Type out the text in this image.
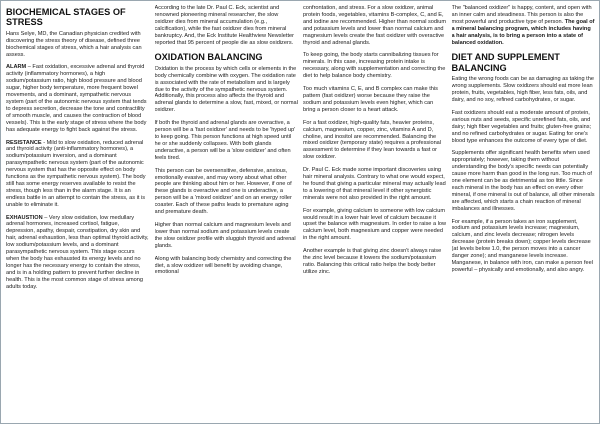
BIOCHEMICAL STAGES OF STRESS

Hans Selye, MD, the Canadian physician credited with discovering the stress theory of disease, defined three biochemical stages of stress, which a hair analysis can assess.

ALARM – Fast oxidation, excessive adrenal and thyroid activity (inflammatory hormones), a high sodium/potassium ratio, high blood pressure and blood sugar, higher body temperature, more frequent bowel movements, and a dominant, sympathetic nervous system (part of the autonomic nervous system that tends to depress secretion, decrease the tone and contractility of smooth muscle, and causes the contraction of blood vessels). This is the early stage of stress where the body has adequate energy to fight back against the stress.

RESISTANCE - Mild to slow oxidation, reduced adrenal and thyroid activity (anti-inflammatory hormones), a sodium/potassium inversion, and a dominant parasympathetic nervous system (part of the autonomic nervous system that has the opposite effect on body functions as the sympathetic nervous system). The body still has some energy reserves available to resist the stress, though less than in the alarm stage. It is an endless battle in an attempt to contain the stress, as it is unable to eliminate it.

EXHAUSTION – Very slow oxidation, low medullary adrenal hormones, increased cortisol, fatigue, depression, apathy, despair, constipation, dry skin and hair, adrenal exhaustion, less than optimal thyroid activity, low sodium/potassium levels, and a dominant parasympathetic nervous system. This stage occurs when the body has exhausted its energy levels and no longer has the necessary energy to contain the stress, and is in a holding pattern to prevent further decline in health. This is the most common stage of stress among adults today.

According to the late Dr. Paul C. Eck, scientist and renowned pioneering mineral researcher, the slow oxidizer dies from mineral accumulation (e.g., calcification), while the fast oxidizer dies from mineral bankruptcy. And, the Eck Institute Healthview Newsletter reported that 95 percent of people die as slow oxidizers.

OXIDATION BALANCING

Oxidation is the process by which cells or elements in the body chemically combine with oxygen. The oxidation rate is associated with the rate of metabolism and is largely due to the activity of the sympathetic nervous system. Additionally, this process also affects the thyroid and adrenal glands to determine a slow, fast, mixed, or normal oxidizer.

If both the thyroid and adrenal glands are overactive, a person will be a 'fast oxidizer' and needs to be 'hyped up' to keep going. This person functions at high speed until he or she suddenly collapses. With both glands underactive, a person will be a 'slow oxidizer' and often feels tired.

This person can be oversensitive, defensive, anxious, emotionally evasive, and may worry about what other people are thinking about him or her. However, if one of these glands is overactive and one is underactive, a person will be a 'mixed oxidizer' and on an energy roller coaster. Each of these paths leads to premature aging and premature death.

Higher than normal calcium and magnesium levels and lower than normal sodium and potassium levels create the slow oxidizer profile with sluggish thyroid and adrenal glands.

Along with balancing body chemistry and correcting the diet, a slow oxidizer will benefit by avoiding change, emotional

confrontation, and stress. For a slow oxidizer, animal protein foods, vegetables, vitamins B-complex, C, and E, and iodine are recommended. Higher than normal sodium and potassium levels and lower than normal calcium and magnesium levels create the fast oxidizer with overactive thyroid and adrenal glands.

To keep going, the body starts cannibalizing tissues for minerals. In this case, increasing protein intake is necessary, along with supplementation and correcting the diet to help balance body chemistry.

Too much vitamins C, E, and B complex can make this pattern (fast oxidizer) worse because they raise the sodium and potassium levels even higher, which can bring a person closer to a heart attack.

For a fast oxidizer, high-quality fats, heavier proteins, calcium, magnesium, copper, zinc, vitamins A and D, choline, and inositol are recommended. Balancing the mixed oxidizer (temporary state) requires a professional assessment to determine if they lean towards a fast or slow oxidizer.

Dr. Paul C. Eck made some important discoveries using hair mineral analysis. Contrary to what one would expect, he found that giving a particular mineral may actually lead to a lowering of that mineral level if other synergistic minerals were not also provided in the right amount.

For example, giving calcium to someone with low calcium would result in a lower hair level of calcium because it upset the balance with magnesium. In order to raise a low calcium level, both magnesium and copper were needed in the right amount.

Another example is that giving zinc doesn't always raise the zinc level because it lowers the sodium/potassium ratio. Balancing this critical ratio helps the body better utilize zinc.

The "balanced oxidizer" is happy, content, and open with an inner calm and steadiness. This person is also the most powerful and productive type of person. The goal of a mineral balancing program, which includes having a hair analysis, is to bring a person into a state of balanced oxidation.

DIET AND SUPPLEMENT BALANCING

Eating the wrong foods can be as damaging as taking the wrong supplements. Slow oxidizers should eat more lean protein, fruits, vegetables, high fiber, less fats, oils, and dairy, and no soy, refined carbohydrates, or sugar.

Fast oxidizers should eat a moderate amount of protein, various nuts and seeds, specific unrefined fats, oils, and dairy; high fiber vegetables and fruits; gluten-free grains; and no refined carbohydrates or sugar. Eating for one's blood type enhances the outcome of every type of diet.

Supplements offer significant health benefits when used appropriately; however, taking them without understanding the body's specific needs can potentially cause more harm than good in the long run. Too much of one element can be as detrimental as too little. Since each mineral in the body has an effect on every other mineral, if one mineral is out of balance, all other minerals are affected, which starts a chain reaction of mineral imbalances and illnesses.

For example, if a person takes an iron supplement, sodium and potassium levels increase; magnesium, calcium, and zinc levels decrease; nitrogen levels decrease (protein breaks down); copper levels decrease (at levels below 1.0, the person moves into a cancer danger zone); and manganese levels increase. Manganese, in balance with iron, can make a person feel powerful – physically and emotionally, and also angry.
